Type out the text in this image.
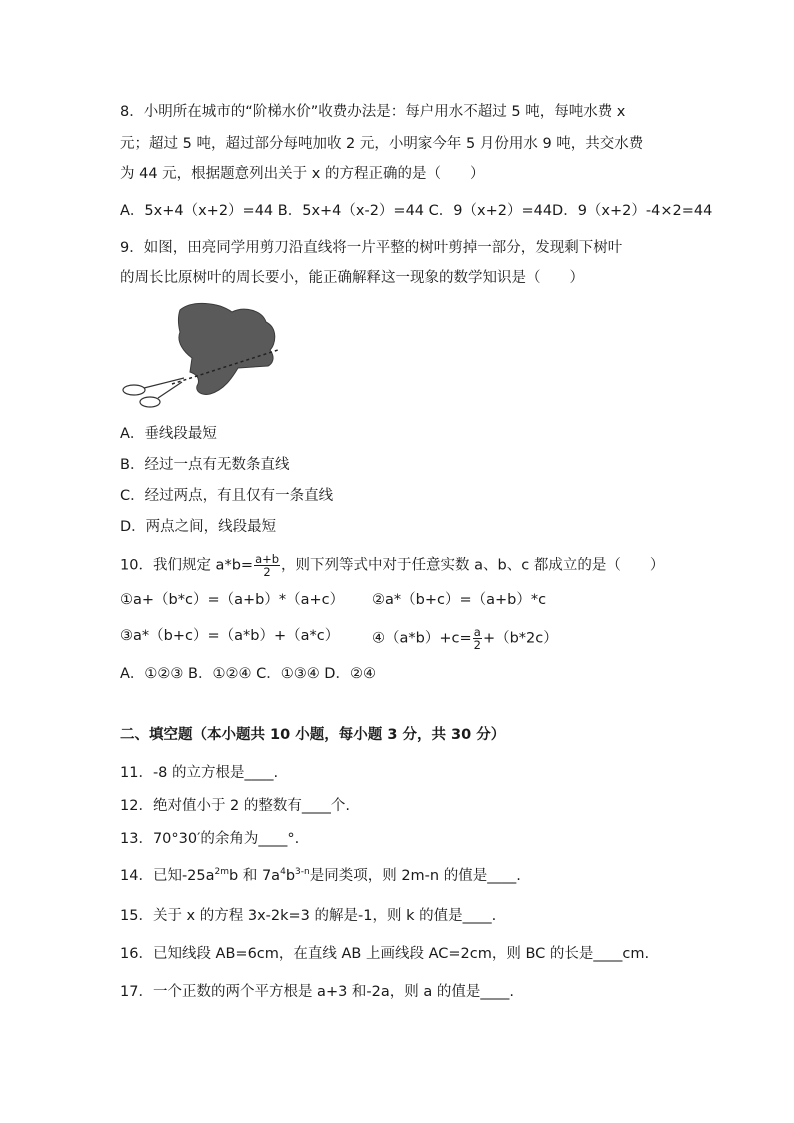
8．小明所在城市的“阶梯水价”收费办法是：每户用水不超过 5 吨，每吨水费 x
元；超过 5 吨，超过部分每吨加收 2 元，小明家今年 5 月份用水 9 吨，共交水费
为 44 元，根据题意列出关于 x 的方程正确的是（　　）
A．5x+4（x+2）=44 B．5x+4（x-2）=44 C．9（x+2）=44D．9（x+2）-4×2=44
9．如图，田亮同学用剪刀沿直线将一片平整的树叶剪掉一部分，发现剩下树叶
的周长比原树叶的周长要小，能正确解释这一现象的数学知识是（　　）
A．垂线段最短
B．经过一点有无数条直线
C．经过两点，有且仅有一条直线
D．两点之间，线段最短
10．我们规定 $a*b= \frac{a+b}{2}$ ，则下列等式中对于任意实数 a、b、c 都成立的是（　　）
①a+（b*c）=（a+b）*（a+c） ②a*（b+c）=（a+b）*c
③a*（b+c）=（a*b）+（a*c） ④（a*b）+c= $\frac{a}{2} +(b*2c)$
A．①②③ B．①②④ C．①③④ D．②④
二、填空题（本小题共 10 小题，每小题 3 分，共 30 分）
11．-8 的立方根是____.
12．绝对值小于 2 的整数有____个.
13．70°30′的余角为____°.
14．已知$-25a^{2m}b$ 和 $7a^4b^{3-n}$是同类项，则 2m-n 的值是____.
15．关于 x 的方程 3x-2k=3 的解是-1，则 k 的值是____.
16．已知线段 AB=6cm，在直线 AB 上画线段 AC=2cm，则 BC 的长是____cm.
17．一个正数的两个平方根是 a+3 和-2a，则 a 的值是____.
